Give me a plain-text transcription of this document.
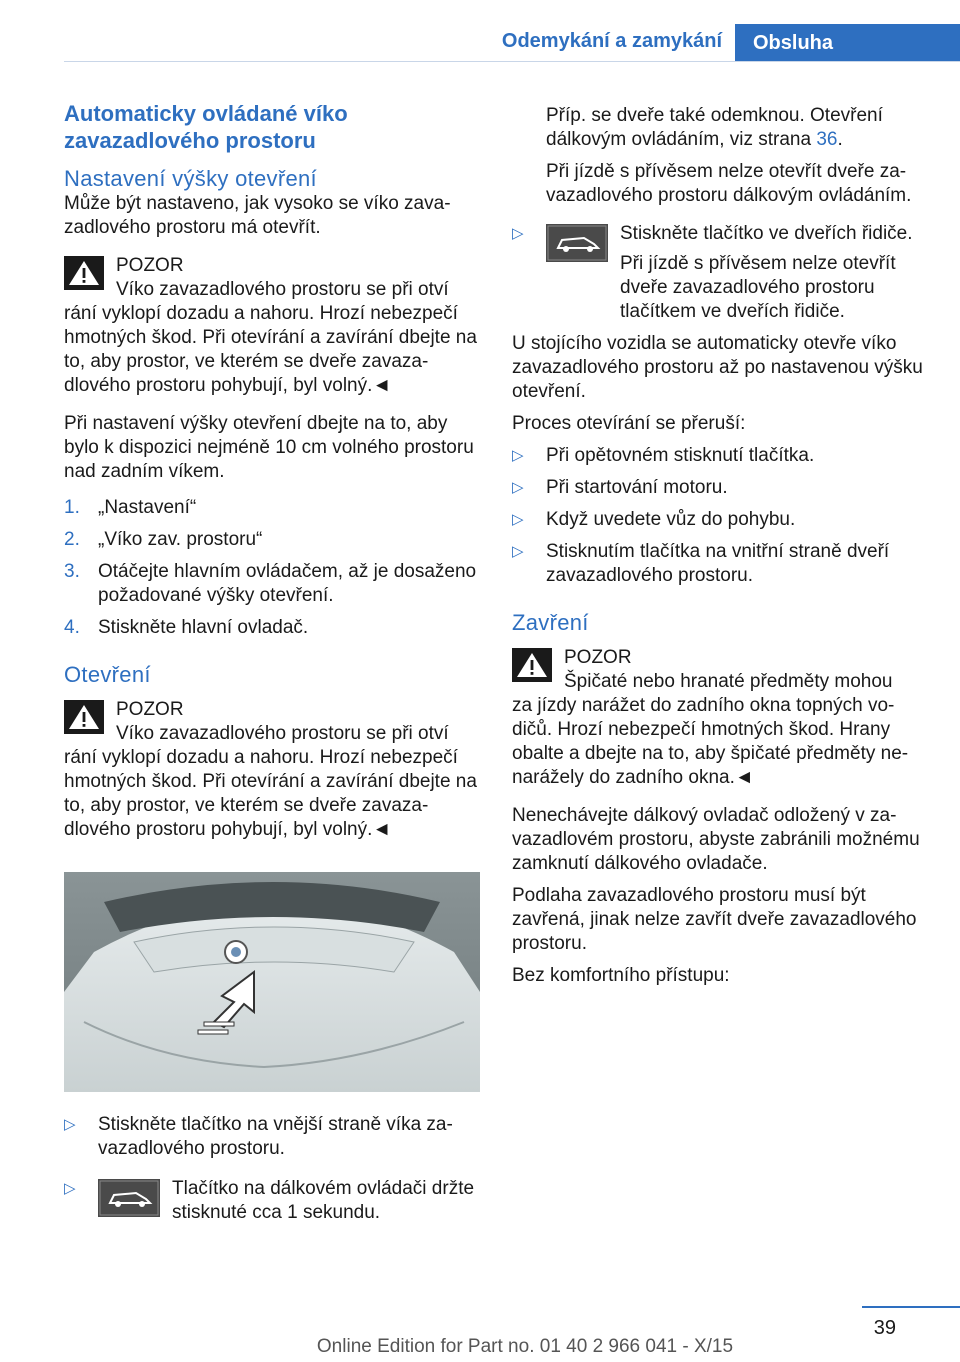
Odemykání a zamykání	Obsluha
Automaticky ovládané víko zavazadlového prostoru
Nastavení výšky otevření

Může být nastaveno, jak vysoko se víko zavazadlového prostoru má otevřít.

POZOR
Víko zavazadlového prostoru se při otví
rání vyklopí dozadu a nahoru. Hrozí nebezpečí hmotných škod. Při otevírání a zavírání dbejte na to, aby prostor, ve kterém se dveře zavazadlového prostoru pohybují, byl volný.◄

Při nastavení výšky otevření dbejte na to, aby bylo k dispozici nejméně 10 cm volného prostoru nad zadním víkem.

1. „Nastavení“
2. „Víko zav. prostoru“
3. Otáčejte hlavním ovládačem, až je dosaženo požadované výšky otevření.
4. Stiskněte hlavní ovladač.
Otevření
POZOR
Víko zavazadlového prostoru se při otví
rání vyklopí dozadu a nahoru. Hrozí nebezpečí hmotných škod. Při otevírání a zavírání dbejte na to, aby prostor, ve kterém se dveře zavazadlového prostoru pohybují, byl volný.◄
▷ Stiskněte tlačítko na vnější straně víka zavazadlového prostoru.
▷	Tlačítko na dálkovém ovládači držte stisknuté cca 1 sekundu.

Příp. se dveře také odemknou. Otevření dálkovým ovládáním, viz strana 36.

Při jízdě s přívěsem nelze otevřít dveře zavazadlového prostoru dálkovým ovládáním.

▷	Stiskněte tlačítko ve dveřích řidiče.
Při jízdě s přívěsem nelze otevřít dveře zavazadlového prostoru tlačítkem ve dveřích řidiče.

U stojícího vozidla se automaticky otevře víko zavazadlového prostoru až po nastavenou výšku otevření.

Proces otevírání se přeruší:

▷ Při opětovném stisknutí tlačítka.
▷ Při startování motoru.
▷ Když uvedete vůz do pohybu.
▷ Stisknutím tlačítka na vnitřní straně dveří zavazadlového prostoru.
Zavření
POZOR
Špičaté nebo hranaté předměty mohou
za jízdy narážet do zadního okna topných vodičů. Hrozí nebezpečí hmotných škod. Hrany obalte a dbejte na to, aby špičaté předměty nenarážely do zadního okna.◄

Nenechávejte dálkový ovladač odložený v zavazadlovém prostoru, abyste zabránili možnému zamknutí dálkového ovladače.

Podlaha zavazadlového prostoru musí být zavřená, jinak nelze zavřít dveře zavazadlového prostoru.

Bez komfortního přístupu:

39
Online Edition for Part no. 01 40 2 966 041 - X/15
